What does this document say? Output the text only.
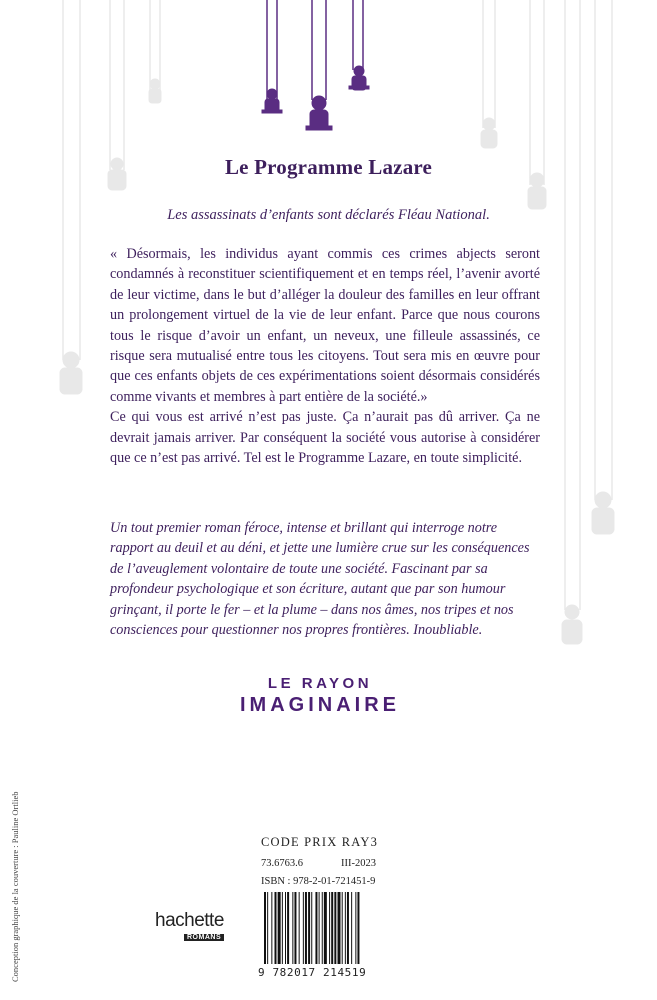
Le Programme Lazare
Les assassinats d’enfants sont déclarés Fléau National.

« Désormais, les individus ayant commis ces crimes abjects seront condamnés à reconstituer scientifiquement et en temps réel, l’avenir avorté de leur victime, dans le but d’alléger la douleur des familles en leur offrant un prolongement virtuel de la vie de leur enfant. Parce que nous courons tous le risque d’avoir un enfant, un neveux, une filleule assassinés, ce risque sera mutualisé entre tous les citoyens. Tout sera mis en œuvre pour que ces enfants objets de ces expérimentations soient désormais considérés comme vivants et membres à part entière de la société.»

Ce qui vous est arrivé n’est pas juste. Ça n’aurait pas dû arriver. Ça ne devrait jamais arriver. Par conséquent la société vous autorise à considérer que ce n’est pas arrivé. Tel est le Programme Lazare, en toute simplicité.

Un tout premier roman féroce, intense et brillant qui interroge notre rapport au deuil et au déni, et jette une lumière crue sur les conséquences de l’aveuglement volontaire de toute une société. Fascinant par sa profondeur psychologique et son écriture, autant que par son humour grinçant, il porte le fer – et la plume – dans nos âmes, nos tripes et nos consciences pour questionner nos propres frontières. Inoubliable.
LE RAYON
IMAGINAIRE
Conception graphique de la couverture : Pauline Ortlieb	CODE PRIX RAY3
73.6763.6	III-2023
ISBN : 978-2-01-721451-9
9 782017 214519
hachette
ROMANS
